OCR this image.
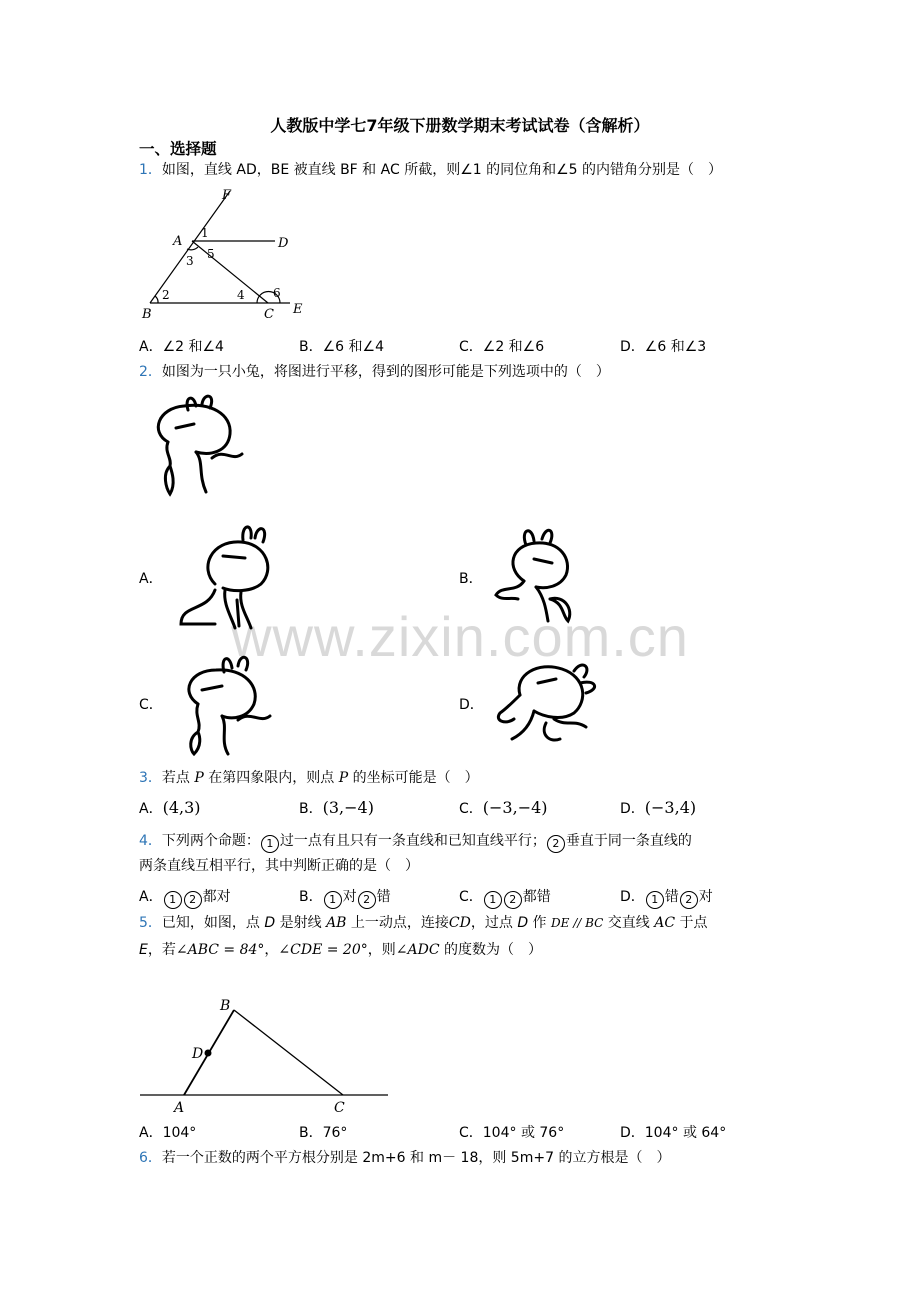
人教版中学七7年级下册数学期末考试试卷（含解析）
一、选择题
www.zixin.com.cn
1．如图，直线 AD，BE 被直线 BF 和 AC 所截，则∠1 的同位角和∠5 的内错角分别是（　）
F
A	D
B	C E
1
5
3
2	4 6
A．∠2 和∠4	B．∠6 和∠4	C．∠2 和∠6	D．∠6 和∠3
2．如图为一只小兔，将图进行平移，得到的图形可能是下列选项中的（　）
A．	B．
C．	D．
3．若点 P 在第四象限内，则点 P 的坐标可能是（　）
A．(4,3)	B．(3,−4)	C．(−3,−4)	D．(−3,4)
4．下列两个命题： 1 过一点有且只有一条直线和已知直线平行； 2 垂直于同一条直线的
两条直线互相平行，其中判断正确的是（　）
A． 1 2 都对	B． 1 对 2 错	C． 1 2 都错	D． 1 错 2 对
5．已知，如图，点 D 是射线 AB 上一动点，连接CD，过点 D 作 DE // BC 交直线 AC 于点
E，若∠ABC = 84°，∠CDE = 20°，则∠ADC 的度数为（　）
B
D
A	C
A．104°	B．76°	C．104° 或 76°	D．104° 或 64°
6．若一个正数的两个平方根分别是 2m+6 和 m－ 18，则 5m+7 的立方根是（　）
